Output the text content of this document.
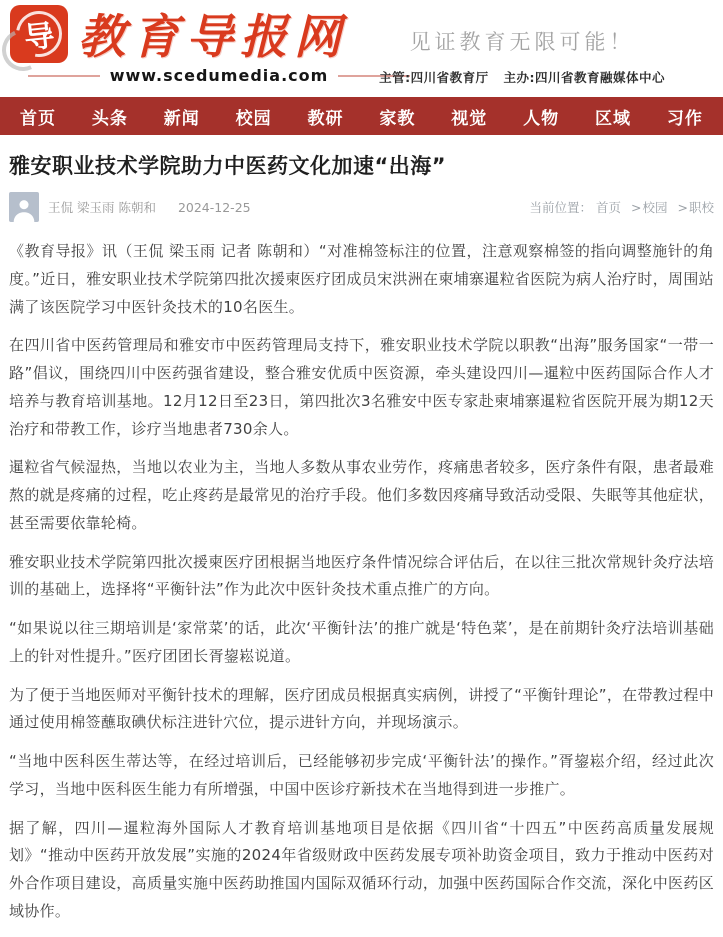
导 教育导报网
www.scedumedia.com
见证教育无限可能！
主管:四川省教育厅 主办:四川省教育融媒体中心
首页 头条 新闻 校园 教研 家教 视觉 人物 区域 习作
雅安职业技术学院助力中医药文化加速“出海”
王侃 梁玉雨 陈朝和 2024-12-25	当前位置： 首页 >校园 >职校

《教育导报》讯（王侃 梁玉雨 记者 陈朝和）“对准棉签标注的位置，注意观察棉签的指向调整施针的角度。”近日，雅安职业技术学院第四批次援柬医疗团成员宋洪洲在柬埔寨暹粒省医院为病人治疗时，周围站满了该医院学习中医针灸技术的10名医生。

在四川省中医药管理局和雅安市中医药管理局支持下，雅安职业技术学院以职教“出海”服务国家“一带一路”倡议，围绕四川中医药强省建设，整合雅安优质中医资源，牵头建设四川—暹粒中医药国际合作人才培养与教育培训基地。12月12日至23日，第四批次3名雅安中医专家赴柬埔寨暹粒省医院开展为期12天治疗和带教工作，诊疗当地患者730余人。

暹粒省气候湿热，当地以农业为主，当地人多数从事农业劳作，疼痛患者较多，医疗条件有限，患者最难熬的就是疼痛的过程，吃止疼药是最常见的治疗手段。他们多数因疼痛导致活动受限、失眠等其他症状，甚至需要依靠轮椅。

雅安职业技术学院第四批次援柬医疗团根据当地医疗条件情况综合评估后，在以往三批次常规针灸疗法培训的基础上，选择将“平衡针法”作为此次中医针灸技术重点推广的方向。

“如果说以往三期培训是‘家常菜’的话，此次‘平衡针法’的推广就是‘特色菜’，是在前期针灸疗法培训基础上的针对性提升。”医疗团团长胥鋆崧说道。

为了便于当地医师对平衡针技术的理解，医疗团成员根据真实病例，讲授了“平衡针理论”，在带教过程中通过使用棉签蘸取碘伏标注进针穴位，提示进针方向，并现场演示。

“当地中医科医生蒂达等，在经过培训后，已经能够初步完成‘平衡针法’的操作。”胥鋆崧介绍，经过此次学习，当地中医科医生能力有所增强，中国中医诊疗新技术在当地得到进一步推广。

据了解，四川—暹粒海外国际人才教育培训基地项目是依据《四川省“十四五”中医药高质量发展规划》“推动中医药开放发展”实施的2024年省级财政中医药发展专项补助资金项目，致力于推动中医药对外合作项目建设，高质量实施中医药助推国内国际双循环行动，加强中医药国际合作交流，深化中医药区域协作。
